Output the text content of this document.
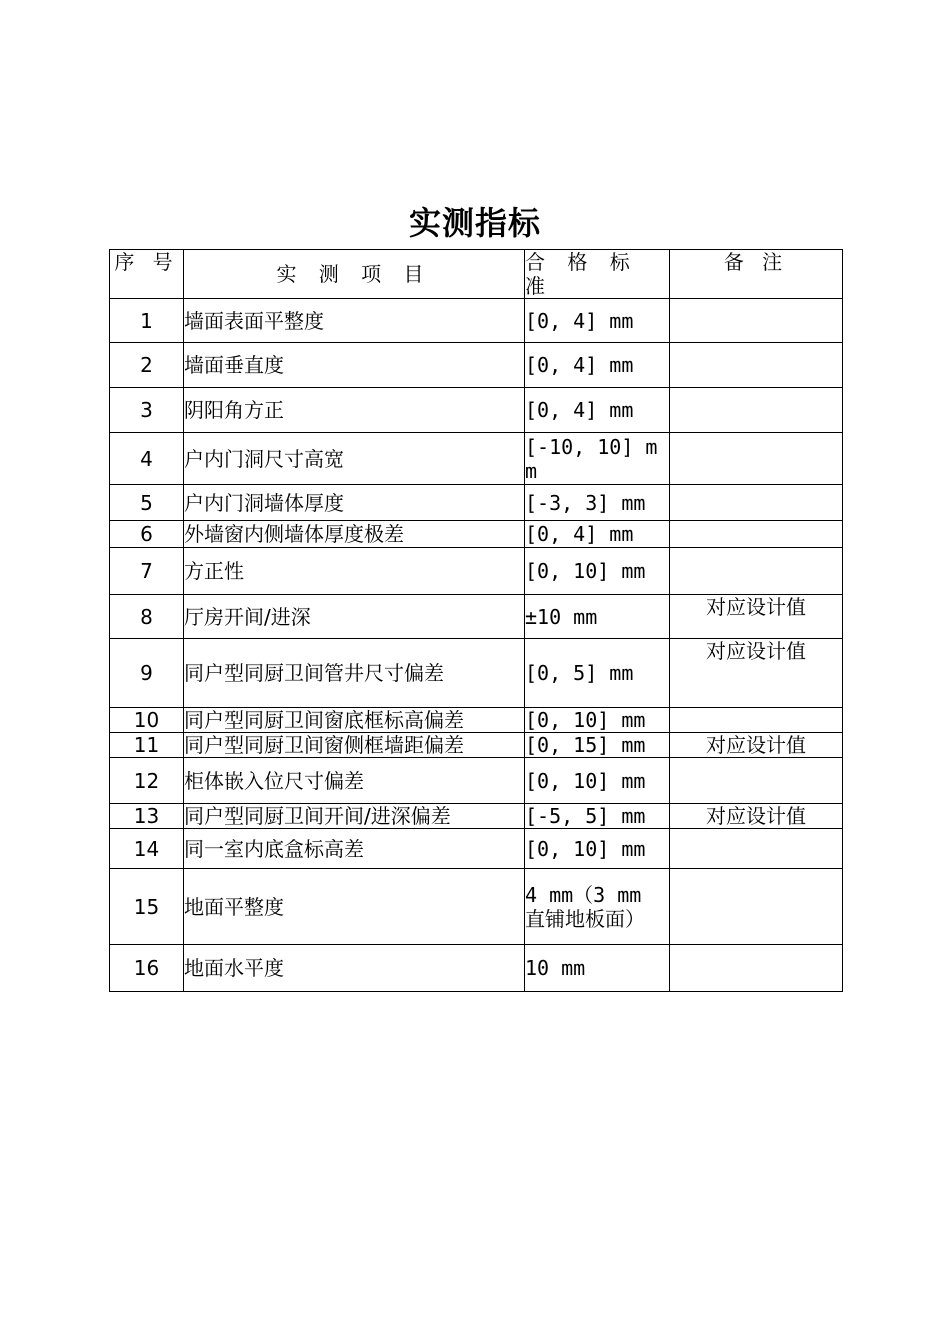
实测指标
序 号	实 测 项 目	合 格 标 准	备 注
1	墙面表面平整度	[0, 4] mm	
2	墙面垂直度	[0, 4] mm	
3	阴阳角方正	[0, 4] mm	
4	户内门洞尺寸高宽	[-10, 10] mm	
5	户内门洞墙体厚度	[-3, 3] mm	
6	外墙窗内侧墙体厚度极差	[0, 4] mm	
7	方正性	[0, 10] mm	
8	厅房开间/进深	±10 mm	对应设计值
9	同户型同厨卫间管井尺寸偏差	[0, 5] mm	对应设计值
10	同户型同厨卫间窗底框标高偏差	[0, 10] mm	
11	同户型同厨卫间窗侧框墙距偏差	[0, 15] mm	对应设计值
12	柜体嵌入位尺寸偏差	[0, 10] mm	
13	同户型同厨卫间开间/进深偏差	[-5, 5] mm	对应设计值
14	同一室内底盒标高差	[0, 10] mm	
15	地面平整度	4 mm（3 mm 直铺地板面）	
16	地面水平度	10 mm	
